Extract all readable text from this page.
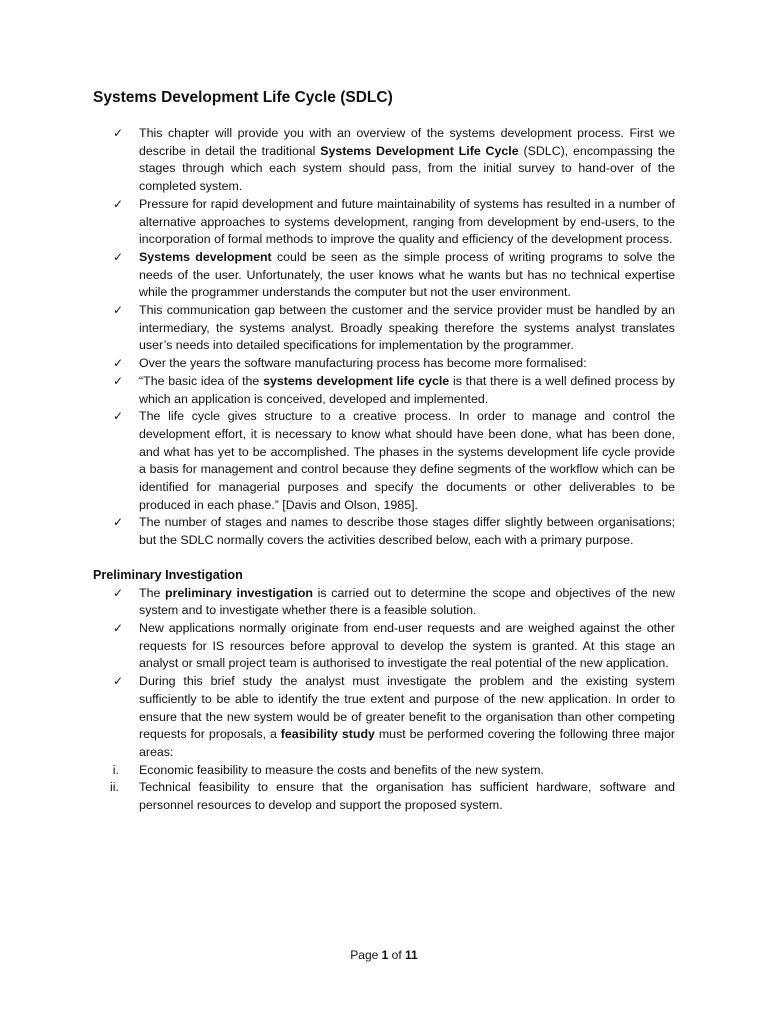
Systems Development Life Cycle (SDLC)
✓ This chapter will provide you with an overview of the systems development process. First we describe in detail the traditional Systems Development Life Cycle (SDLC), encompassing the stages through which each system should pass, from the initial survey to hand-over of the completed system.
✓ Pressure for rapid development and future maintainability of systems has resulted in a number of alternative approaches to systems development, ranging from development by end-users, to the incorporation of formal methods to improve the quality and efficiency of the development process.
✓ Systems development could be seen as the simple process of writing programs to solve the needs of the user. Unfortunately, the user knows what he wants but has no technical expertise while the programmer understands the computer but not the user environment.
✓ This communication gap between the customer and the service provider must be handled by an intermediary, the systems analyst. Broadly speaking therefore the systems analyst translates user’s needs into detailed specifications for implementation by the programmer.
✓ Over the years the software manufacturing process has become more formalised:
✓ “The basic idea of the systems development life cycle is that there is a well defined process by which an application is conceived, developed and implemented.
✓ The life cycle gives structure to a creative process. In order to manage and control the development effort, it is necessary to know what should have been done, what has been done, and what has yet to be accomplished. The phases in the systems development life cycle provide a basis for management and control because they define segments of the workflow which can be identified for managerial purposes and specify the documents or other deliverables to be produced in each phase.” [Davis and Olson, 1985].
✓ The number of stages and names to describe those stages differ slightly between organisations; but the SDLC normally covers the activities described below, each with a primary purpose.
Preliminary Investigation
✓ The preliminary investigation is carried out to determine the scope and objectives of the new system and to investigate whether there is a feasible solution.
✓ New applications normally originate from end-user requests and are weighed against the other requests for IS resources before approval to develop the system is granted. At this stage an analyst or small project team is authorised to investigate the real potential of the new application.
✓ During this brief study the analyst must investigate the problem and the existing system sufficiently to be able to identify the true extent and purpose of the new application. In order to ensure that the new system would be of greater benefit to the organisation than other competing requests for proposals, a feasibility study must be performed covering the following three major areas:
i. Economic feasibility to measure the costs and benefits of the new system.
ii. Technical feasibility to ensure that the organisation has sufficient hardware, software and personnel resources to develop and support the proposed system.
Page 1 of 11
